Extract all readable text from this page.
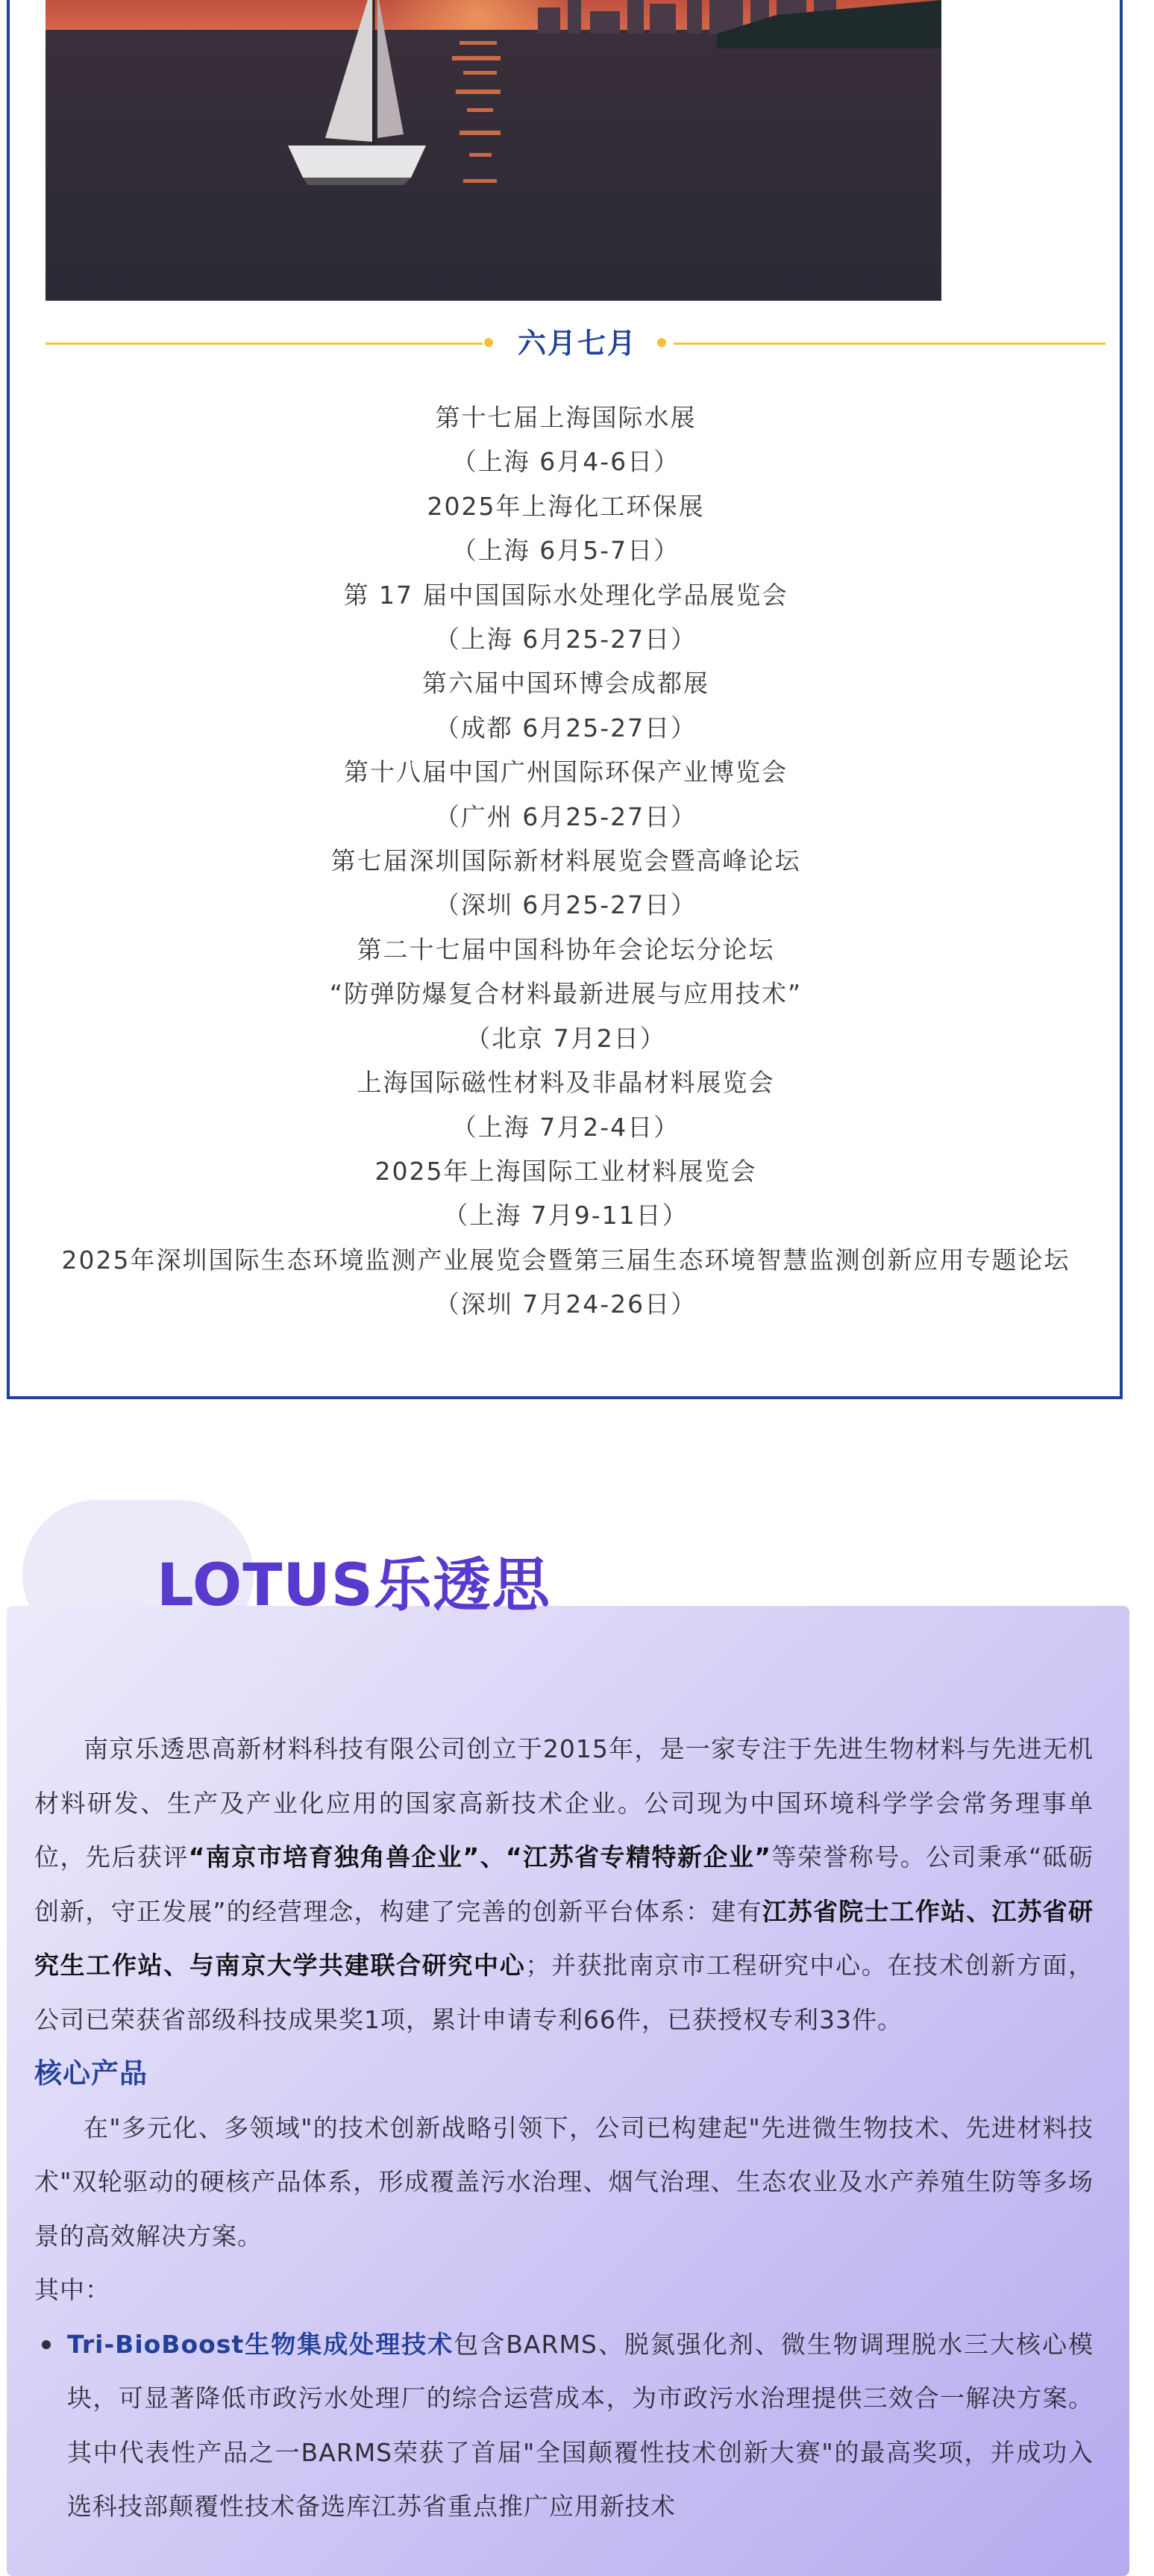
六月七月
第十七届上海国际水展
（上海 6月4-6日）
2025年上海化工环保展
（上海 6月5-7日）
第 17 届中国国际水处理化学品展览会
（上海 6月25-27日）
第六届中国环博会成都展
（成都 6月25-27日）
第十八届中国广州国际环保产业博览会
（广州 6月25-27日）
第七届深圳国际新材料展览会暨高峰论坛
（深圳 6月25-27日）
第二十七届中国科协年会论坛分论坛
“防弹防爆复合材料最新进展与应用技术”
（北京 7月2日）
上海国际磁性材料及非晶材料展览会
（上海 7月2-4日）
2025年上海国际工业材料展览会
（上海 7月9-11日）
2025年深圳国际生态环境监测产业展览会暨第三届生态环境智慧监测创新应用专题论坛
（深圳 7月24-26日）
LOTUS乐透思

南京乐透思高新材料科技有限公司创立于2015年，是一家专注于先进生物材料与先进无机材料研发、生产及产业化应用的国家高新技术企业。公司现为中国环境科学学会常务理事单位，先后获评“南京市培育独角兽企业”、“江苏省专精特新企业”等荣誉称号。公司秉承“砥砺创新，守正发展”的经营理念，构建了完善的创新平台体系：建有江苏省院士工作站、江苏省研究生工作站、与南京大学共建联合研究中心；并获批南京市工程研究中心。在技术创新方面，公司已荣获省部级科技成果奖1项，累计申请专利66件，已获授权专利33件。

核心产品

在"多元化、多领域"的技术创新战略引领下，公司已构建起"先进微生物技术、先进材料技术"双轮驱动的硬核产品体系，形成覆盖污水治理、烟气治理、生态农业及水产养殖生防等多场景的高效解决方案。

其中：

Tri-BioBoost生物集成处理技术包含BARMS、脱氮强化剂、微生物调理脱水三大核心模块，可显著降低市政污水处理厂的综合运营成本，为市政污水治理提供三效合一解决方案。其中代表性产品之一BARMS荣获了首届"全国颠覆性技术创新大赛"的最高奖项，并成功入选科技部颠覆性技术备选库江苏省重点推广应用新技术
